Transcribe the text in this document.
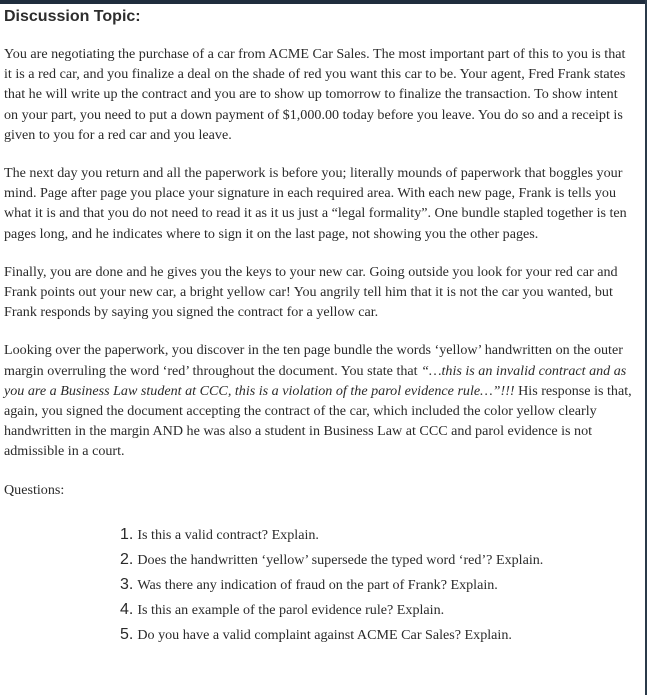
Discussion Topic:

You are negotiating the purchase of a car from ACME Car Sales. The most important part of this to you is that it is a red car, and you finalize a deal on the shade of red you want this car to be. Your agent, Fred Frank states that he will write up the contract and you are to show up tomorrow to finalize the transaction. To show intent on your part, you need to put a down payment of $1,000.00 today before you leave. You do so and a receipt is given to you for a red car and you leave.

The next day you return and all the paperwork is before you; literally mounds of paperwork that boggles your mind. Page after page you place your signature in each required area. With each new page, Frank is tells you what it is and that you do not need to read it as it us just a “legal formality”. One bundle stapled together is ten pages long, and he indicates where to sign it on the last page, not showing you the other pages.

Finally, you are done and he gives you the keys to your new car. Going outside you look for your red car and Frank points out your new car, a bright yellow car! You angrily tell him that it is not the car you wanted, but Frank responds by saying you signed the contract for a yellow car.

Looking over the paperwork, you discover in the ten page bundle the words ‘yellow’ handwritten on the outer margin overruling the word ‘red’ throughout the document. You state that “…this is an invalid contract and as you are a Business Law student at CCC, this is a violation of the parol evidence rule…”!!! His response is that, again, you signed the document accepting the contract of the car, which included the color yellow clearly handwritten in the margin AND he was also a student in Business Law at CCC and parol evidence is not admissible in a court.

Questions:

1. Is this a valid contract? Explain.
2. Does the handwritten ‘yellow’ supersede the typed word ‘red’? Explain.
3. Was there any indication of fraud on the part of Frank? Explain.
4. Is this an example of the parol evidence rule? Explain.
5. Do you have a valid complaint against ACME Car Sales? Explain.
